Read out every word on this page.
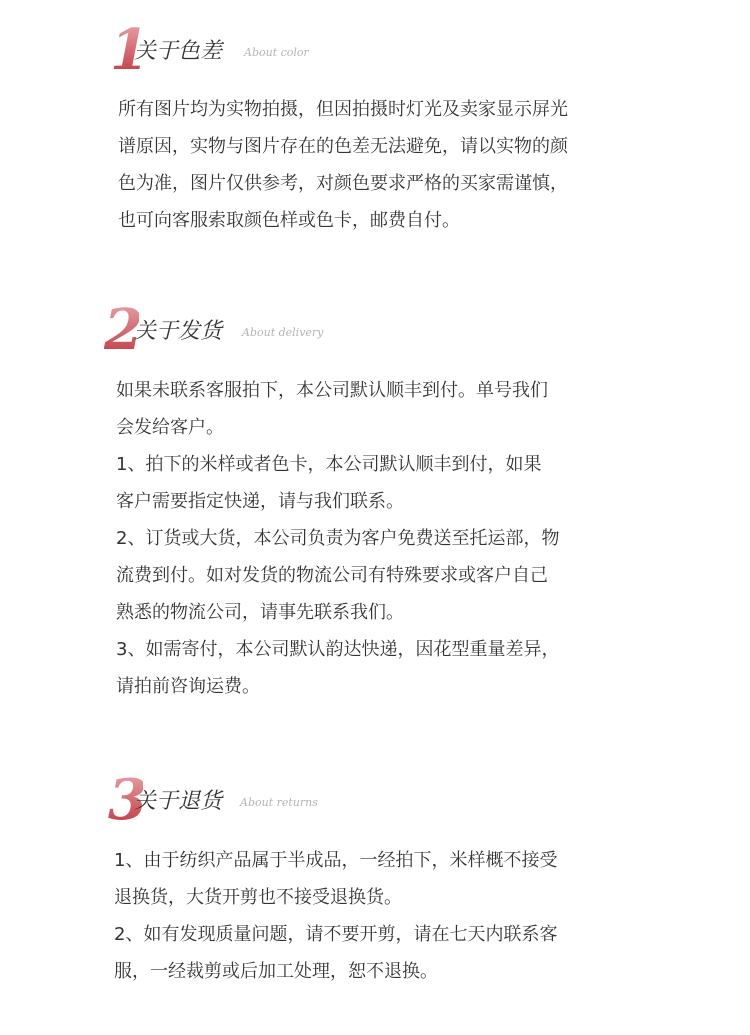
1
关于色差 About color

所有图片均为实物拍摄，但因拍摄时灯光及卖家显示屏光

谱原因，实物与图片存在的色差无法避免，请以实物的颜

色为准，图片仅供参考，对颜色要求严格的买家需谨慎，

也可向客服索取颜色样或色卡，邮费自付。

2
关于发货 About delivery

如果未联系客服拍下，本公司默认顺丰到付。单号我们

会发给客户。

1、拍下的米样或者色卡，本公司默认顺丰到付，如果

客户需要指定快递，请与我们联系。

2、订货或大货，本公司负责为客户免费送至托运部，物

流费到付。如对发货的物流公司有特殊要求或客户自己

熟悉的物流公司，请事先联系我们。

3、如需寄付，本公司默认韵达快递，因花型重量差异，

请拍前咨询运费。

3
关于退货 About returns

1、由于纺织产品属于半成品，一经拍下，米样概不接受

退换货，大货开剪也不接受退换货。

2、如有发现质量问题，请不要开剪，请在七天内联系客

服，一经裁剪或后加工处理，恕不退换。
